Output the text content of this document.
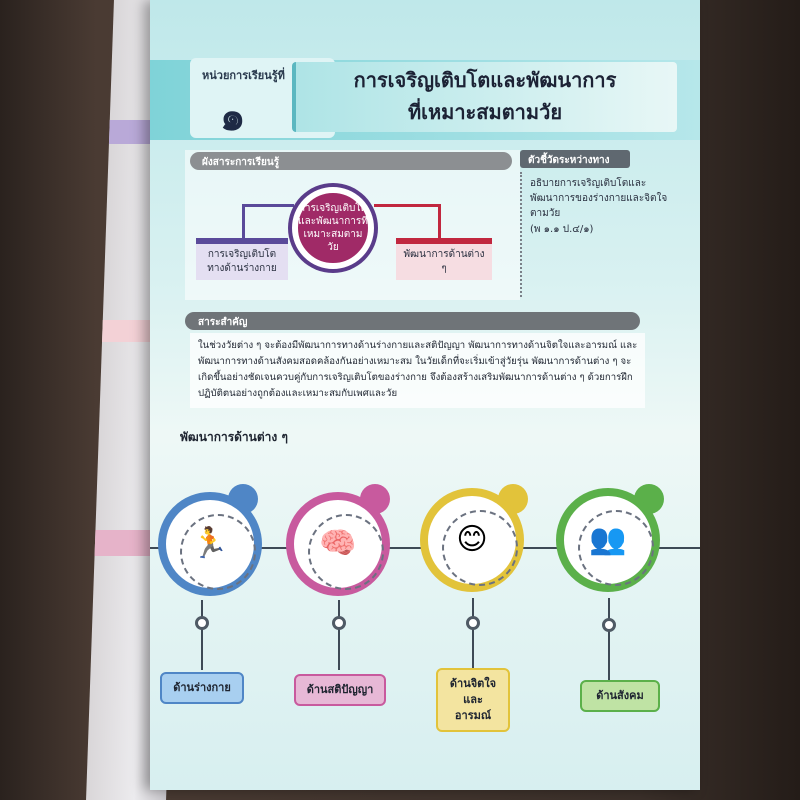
หน่วยการเรียนรู้ที่
๑
การเจริญเติบโตและพัฒนาการ
ที่เหมาะสมตามวัย
ผังสาระการเรียนรู้
การเจริญเติบโตและพัฒนาการที่เหมาะสมตามวัย
การเจริญเติบโตทางด้านร่างกาย
พัฒนาการด้านต่าง ๆ
ตัวชี้วัดระหว่างทาง
อธิบายการเจริญเติบโตและพัฒนาการของร่างกายและจิตใจตามวัย
(พ ๑.๑ ป.๔/๑)
สาระสำคัญ
ในช่วงวัยต่าง ๆ จะต้องมีพัฒนาการทางด้านร่างกายและสติปัญญา พัฒนาการทางด้านจิตใจและอารมณ์ และพัฒนาการทางด้านสังคมสอดคล้องกันอย่างเหมาะสม ในวัยเด็กที่จะเริ่มเข้าสู่วัยรุ่น พัฒนาการด้านต่าง ๆ จะเกิดขึ้นอย่างชัดเจนควบคู่กับการเจริญเติบโตของร่างกาย จึงต้องสร้างเสริมพัฒนาการด้านต่าง ๆ ด้วยการฝึกปฏิบัติตนอย่างถูกต้องและเหมาะสมกับเพศและวัย
พัฒนาการด้านต่าง ๆ
🏃
ด้านร่างกาย
🧠
ด้านสติปัญญา
😊
ด้านจิตใจและอารมณ์
👥
ด้านสังคม
